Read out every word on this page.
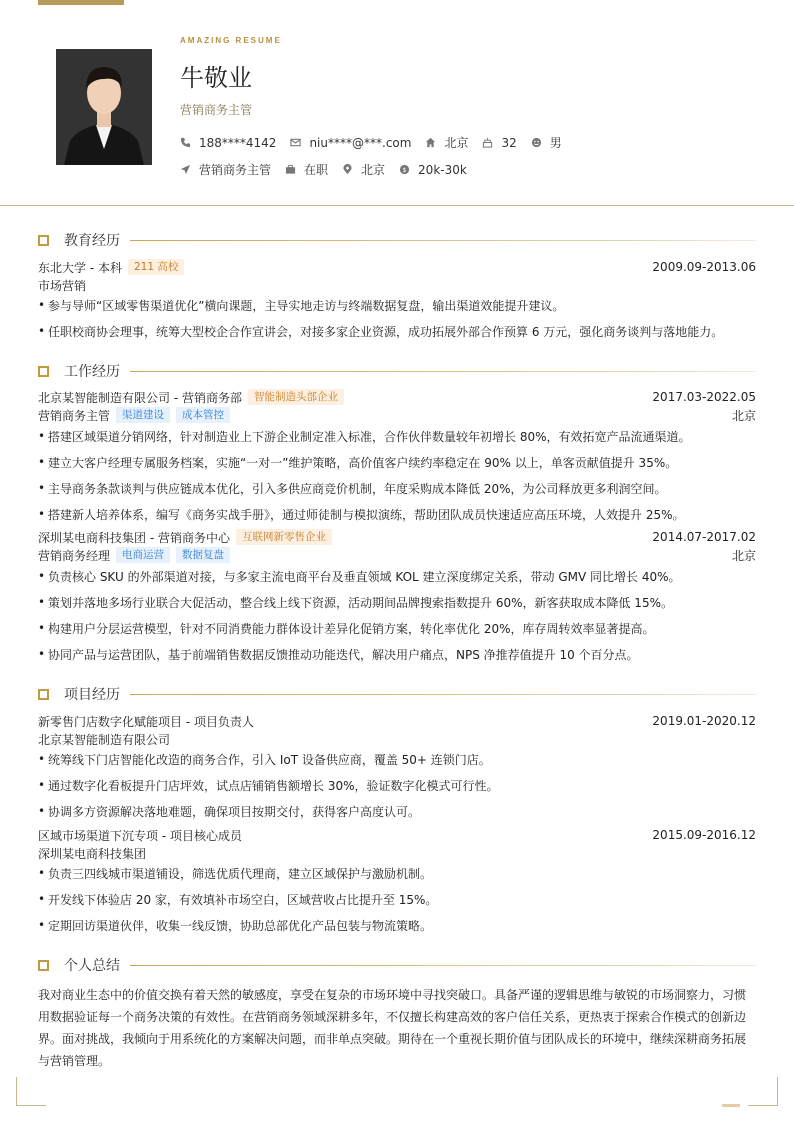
AMAZING RESUME
牛敬业
营销商务主管
188****4142	niu****@***.com	北京	32	男
营销商务主管	在职	北京 $ 20k-30k
教育经历
东北大学 - 本科	211 高校	2009.09-2013.06
市场营销
• 参与导师“区域零售渠道优化”横向课题，主导实地走访与终端数据复盘，输出渠道效能提升建议。
• 任职校商协会理事，统筹大型校企合作宣讲会，对接多家企业资源，成功拓展外部合作预算 6 万元，强化商务谈判与落地能力。
工作经历
北京某智能制造有限公司 - 营销商务部	智能制造头部企业	2017.03-2022.05
营销商务主管	渠道建设	成本管控	北京
• 搭建区域渠道分销网络，针对制造业上下游企业制定准入标准，合作伙伴数量较年初增长 80%，有效拓宽产品流通渠道。
• 建立大客户经理专属服务档案，实施“一对一”维护策略，高价值客户续约率稳定在 90% 以上，单客贡献值提升 35%。
• 主导商务条款谈判与供应链成本优化，引入多供应商竞价机制，年度采购成本降低 20%，为公司释放更多利润空间。
• 搭建新人培养体系，编写《商务实战手册》，通过师徒制与模拟演练，帮助团队成员快速适应高压环境，人效提升 25%。
深圳某电商科技集团 - 营销商务中心	互联网新零售企业	2014.07-2017.02
营销商务经理	电商运营	数据复盘	北京
• 负责核心 SKU 的外部渠道对接，与多家主流电商平台及垂直领域 KOL 建立深度绑定关系，带动 GMV 同比增长 40%。
• 策划并落地多场行业联合大促活动，整合线上线下资源，活动期间品牌搜索指数提升 60%，新客获取成本降低 15%。
• 构建用户分层运营模型，针对不同消费能力群体设计差异化促销方案，转化率优化 20%，库存周转效率显著提高。
• 协同产品与运营团队，基于前端销售数据反馈推动功能迭代，解决用户痛点，NPS 净推荐值提升 10 个百分点。
项目经历
新零售门店数字化赋能项目 - 项目负责人	2019.01-2020.12
北京某智能制造有限公司
• 统筹线下门店智能化改造的商务合作，引入 IoT 设备供应商，覆盖 50+ 连锁门店。
• 通过数字化看板提升门店坪效，试点店铺销售额增长 30%，验证数字化模式可行性。
• 协调多方资源解决落地难题，确保项目按期交付，获得客户高度认可。
区域市场渠道下沉专项 - 项目核心成员	2015.09-2016.12
深圳某电商科技集团
• 负责三四线城市渠道铺设，筛选优质代理商，建立区域保护与激励机制。
• 开发线下体验店 20 家，有效填补市场空白，区域营收占比提升至 15%。
• 定期回访渠道伙伴，收集一线反馈，协助总部优化产品包装与物流策略。
个人总结
我对商业生态中的价值交换有着天然的敏感度，享受在复杂的市场环境中寻找突破口。具备严谨的逻辑思维与敏锐的市场洞察力，习惯用数据验证每一个商务决策的有效性。在营销商务领域深耕多年，不仅擅长构建高效的客户信任关系，更热衷于探索合作模式的创新边界。面对挑战，我倾向于用系统化的方案解决问题，而非单点突破。期待在一个重视长期价值与团队成长的环境中，继续深耕商务拓展与营销管理。
